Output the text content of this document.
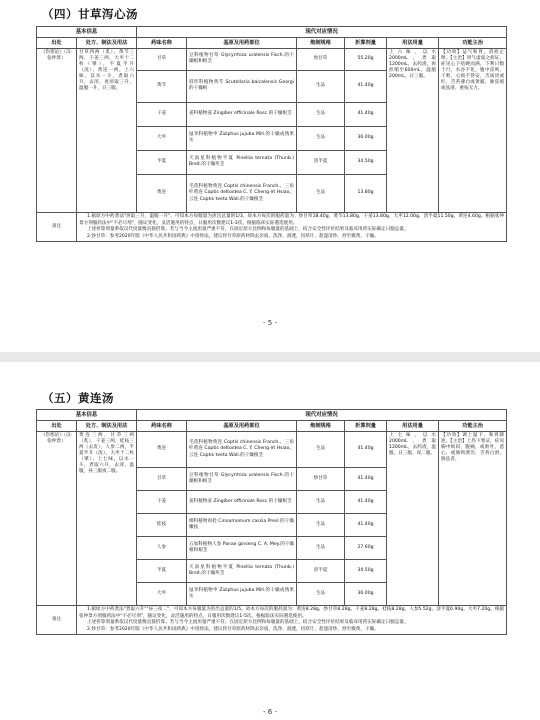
（四）甘草泻心汤
基本信息		现代对应情况					
出处	处方、制法及用法	药味名称	基原及用药部位	炮制规格	折算剂量	用法用量	功能主治
《伤寒论》（汉·张仲景）	甘草四两（炙），黄芩三两，干姜三两，大枣十二枚（擘），半夏半升（洗），黄连一两。上六味，以水一斗，煮取六升，去滓，再煎取三升，温服一升，日三服。	甘草	豆科植物甘草 Glycyrrhiza uralensis Fisch.的干燥根和根茎	炒甘草	55.20g	上六味，以水2000mL，煮取1200mL，去药渣，再煎缩至600mL，温服200mL，日三服。	【功效】益气和胃，消痞止呕。【主治】胃气虚弱之痞证。症见心下痞硬而满，下利日数十行，水谷不化，腹中雷鸣，干呕，心烦不得安，舌质淡或红，舌苔薄白或黄腻，脉弦缓或弦滑，重按无力。
		黄芩	唇形科植物黄芩 Scutellaria baicalensis Georgi 的干燥根	生品	41.40g		
		干姜	姜科植物姜 Zingiber officinale Rosc.的干燥根茎	生品	41.40g		
		大枣	鼠李科植物枣 Ziziphus jujuba Mill.的干燥成熟果实	生品	36.00g		
		半夏	天南星科植物半夏 Pinellia ternata (Thunb.) Breit.的干燥块茎	清半夏	34.50g		
		黄连	毛茛科植物黄连 Coptis chinensis Franch.、三角叶黄连 Coptis deltoidea C. Y. Cheng et Hsiao、云连 Coptis teeta Wall.的干燥根茎	生品	13.80g		
备注	1.据原方中药煮法"煎取三升，温服一升"，可知本方每服量为煎出总量的1/3。故本方每次的服药量为：炒甘草18.40g，黄芩13.80g，干姜13.80g，大枣12.00g，清半夏11.50g，黄连4.60g。根据张仲景方剂服药法中"不必尽剂"，随证变化，灵活施用的特点，日服用次数建议1-3次，根据临床实际遴选使用。

上述折算剂量系依汉代度量衡直接折算。若与当今主流用量严重不符，在固定原方比例和每服量的基础上，结合安全性评价结果及临床用药实际确定日服总量。

2.炒甘草：参考2020年版《中华人民共和国药典》中清炒法，建议将甘草原药材除去杂质，洗净，润透，切厚片，趁湿清炒，炒至微黄，干燥。						

- 5 -
（五）黄连汤
基本信息		现代对应情况					
出处	处方、制法及用法	药味名称	基原及用药部位	炮制规格	折算剂量	用法用量	功能主治
《伤寒论》（汉·张仲景）	黄连三两，甘草三两（炙），干姜三两，桂枝三两（去皮），人参二两，半夏半升（洗），大枣十二枚（擘）。上七味，以水一斗，煮取六升，去滓，温服，昼三服夜二服。	黄连	毛茛科植物黄连 Coptis chinensis Franch.、三角叶黄连 Coptis deltoidea C. Y. Cheng et Hsiao、云连 Coptis teeta Wall.的干燥根茎	生品	41.40g	上七味，以水2000mL，煮取1200mL，去药渣，温服，日三服、夜二服。	【功效】调上温下，和胃降逆。【主治】上热下寒证，症见胸中烦闷，腹痛，或呕吐，恶心，或肠鸣泄泻，舌苔白滑，脉弦者。
		甘草	豆科植物甘草 Glycyrrhiza uralensis Fisch.的干燥根和根茎	炒甘草	41.40g		
		干姜	姜科植物姜 Zingiber officinale Rosc.的干燥根茎	生品	41.40g		
		桂枝	樟科植物肉桂 Cinnamomum cassia Presl 的干燥嫩枝	生品	41.40g		
		人参	五加科植物人参 Panax ginseng C. A. Mey.的干燥根和根茎	生品	27.60g		
		半夏	天南星科植物半夏 Pinellia ternata (Thunb.) Breit.的干燥块茎	清半夏	34.50g		
		大枣	鼠李科植物枣 Ziziphus jujuba Mill.的干燥成熟果实	生品	36.00g		
备注	1.据原方中药煮法"煮取六升""昼三夜二"，可知本方每服量为煎出总量的1/5。故本方每次的服药量为：黄连8.28g，炒甘草8.28g，干姜8.28g，桂枝8.28g，人参5.52g，清半夏6.90g，大枣7.20g。根据张仲景方剂服药法中"不必尽剂"，随证变化，灵活施用的特点，日服用次数建议1-5次，根据临床实际遴选使用。

上述折算剂量系依汉代度量衡直接折算。若与当今主流用量严重不符，在固定原方比例和每服量的基础上，结合安全性评价结果及临床用药实际确定日服总量。

2.炒甘草：参考2020年版《中华人民共和国药典》中清炒法，建议将甘草原药材除去杂质，洗净，润透，切厚片，趁湿清炒，炒至微黄，干燥。						

- 6 -
